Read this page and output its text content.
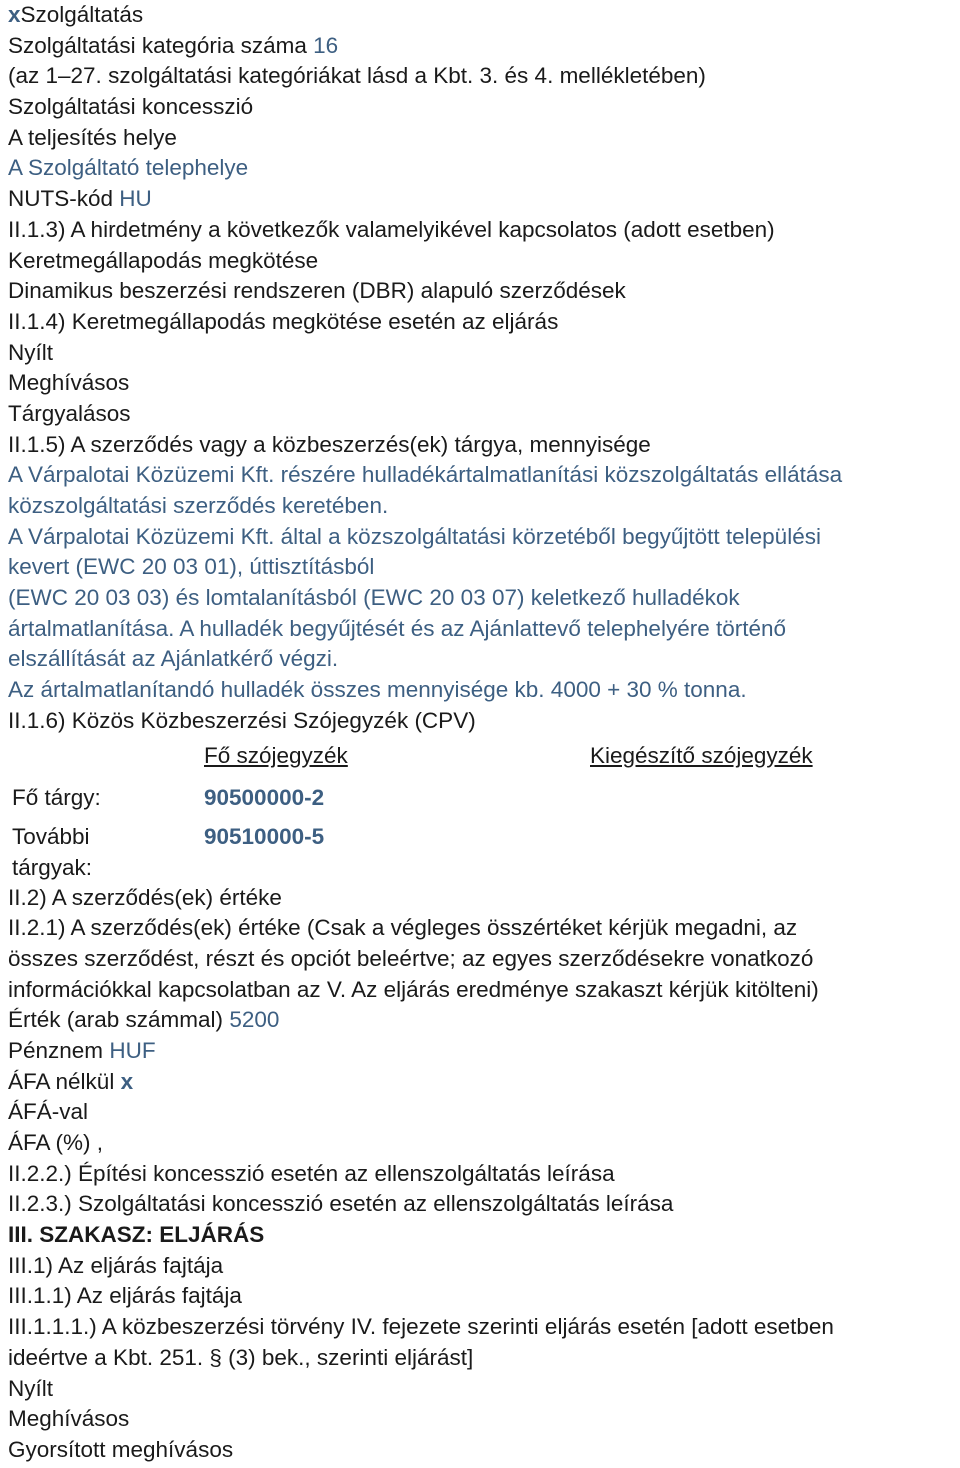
xSzolgáltatás
Szolgáltatási kategória száma 16
(az 1–27. szolgáltatási kategóriákat lásd a Kbt. 3. és 4. mellékletében)
Szolgáltatási koncesszió
A teljesítés helye
A Szolgáltató telephelye
NUTS-kód HU
II.1.3) A hirdetmény a következők valamelyikével kapcsolatos (adott esetben)
Keretmegállapodás megkötése
Dinamikus beszerzési rendszeren (DBR) alapuló szerződések
II.1.4) Keretmegállapodás megkötése esetén az eljárás
Nyílt
Meghívásos
Tárgyalásos
II.1.5) A szerződés vagy a közbeszerzés(ek) tárgya, mennyisége
A Várpalotai Közüzemi Kft. részére hulladékártalmatlanítási közszolgáltatás ellátása
közszolgáltatási szerződés keretében.
A Várpalotai Közüzemi Kft. által a közszolgáltatási körzetéből begyűjtött települési
kevert (EWC 20 03 01), úttisztításból
(EWC 20 03 03) és lomtalanításból (EWC 20 03 07) keletkező hulladékok
ártalmatlanítása. A hulladék begyűjtését és az Ajánlattevő telephelyére történő
elszállítását az Ajánlatkérő végzi.
Az ártalmatlanítandó hulladék összes mennyisége kb. 4000 + 30 % tonna.
II.1.6) Közös Közbeszerzési Szójegyzék (CPV)
Fő szójegyzék	Kiegészítő szójegyzék
Fő tárgy:	90500000-2
További
tárgyak:
90510000-5
II.2) A szerződés(ek) értéke
II.2.1) A szerződés(ek) értéke (Csak a végleges összértéket kérjük megadni, az
összes szerződést, részt és opciót beleértve; az egyes szerződésekre vonatkozó
információkkal kapcsolatban az V. Az eljárás eredménye szakaszt kérjük kitölteni)
Érték (arab számmal) 5200
Pénznem HUF
ÁFA nélkül x
ÁFÁ-val
ÁFA (%) ,
II.2.2.) Építési koncesszió esetén az ellenszolgáltatás leírása
II.2.3.) Szolgáltatási koncesszió esetén az ellenszolgáltatás leírása
III. SZAKASZ: ELJÁRÁS
III.1) Az eljárás fajtája
III.1.1) Az eljárás fajtája
III.1.1.1.) A közbeszerzési törvény IV. fejezete szerinti eljárás esetén [adott esetben
ideértve a Kbt. 251. § (3) bek., szerinti eljárást]
Nyílt
Meghívásos
Gyorsított meghívásos
